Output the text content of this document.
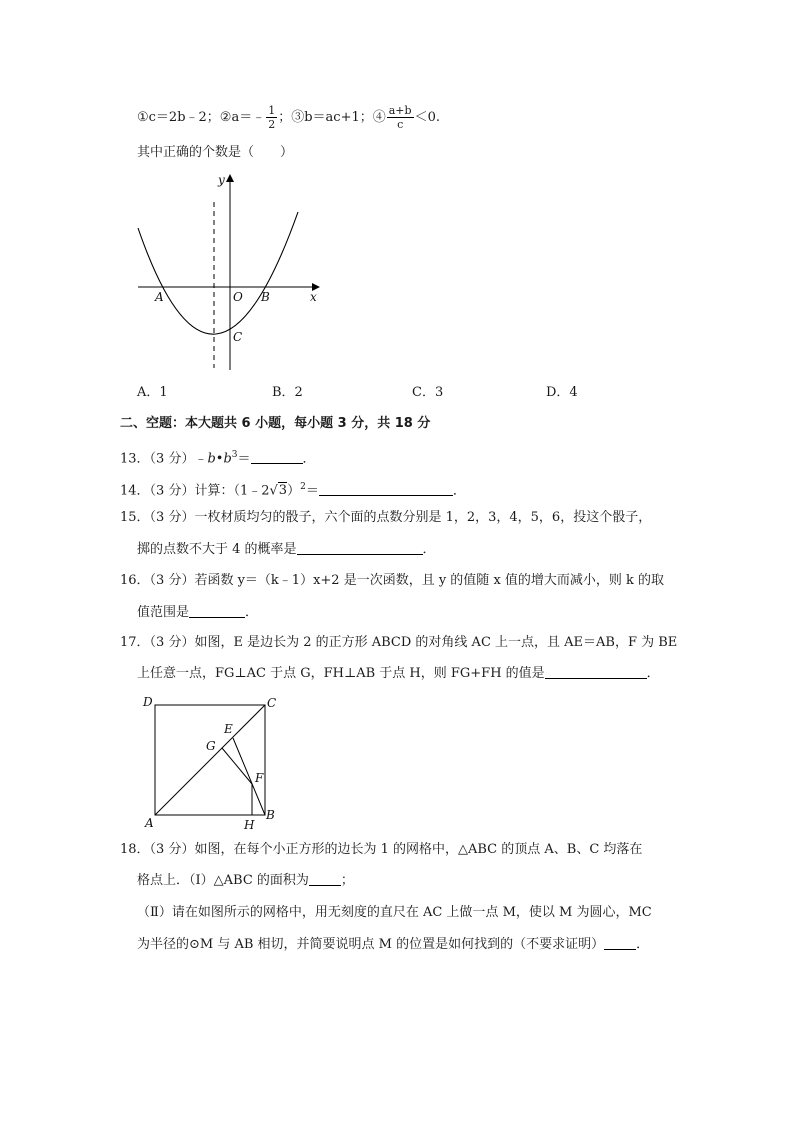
①c＝2b﹣2；②a＝﹣ $\frac{1}{2}$ ；③b＝ac+1；④ $\frac{a+b}{c} <0$.
其中正确的个数是（　　）
y
x
O
A	B
C
A．1	B．2	C．3	D．4
二、空题：本大题共 6 小题，每小题 3 分，共 18 分
13．（3 分）$﹣b•b^3=$	．
14．（3 分）计算：（1﹣2√3）$^2$＝	．
15．（3 分）一枚材质均匀的骰子，六个面的点数分别是 1，2，3，4，5，6，投这个骰子，
掷的点数不大于 4 的概率是	．
16．（3 分）若函数 y＝（k﹣1）x+2 是一次函数，且 y 的值随 x 值的增大而减小，则 k 的取
值范围是	．
17．（3 分）如图，E 是边长为 2 的正方形 ABCD 的对角线 AC 上一点，且 AE＝AB，F 为 BE
上任意一点，FG⊥AC 于点 G，FH⊥AB 于点 H，则 FG+FH 的值是	．
D	C
E
G
F
B
A	H
18．（3 分）如图，在每个小正方形的边长为 1 的网格中，△ABC 的顶点 A、B、C 均落在
格点上．（Ⅰ）△ABC 的面积为 ；
（Ⅱ）请在如图所示的网格中，用无刻度的直尺在 AC 上做一点 M，使以 M 为圆心，MC
为半径的⊙M 与 AB 相切，并简要说明点 M 的位置是如何找到的（不要求证明） ．
